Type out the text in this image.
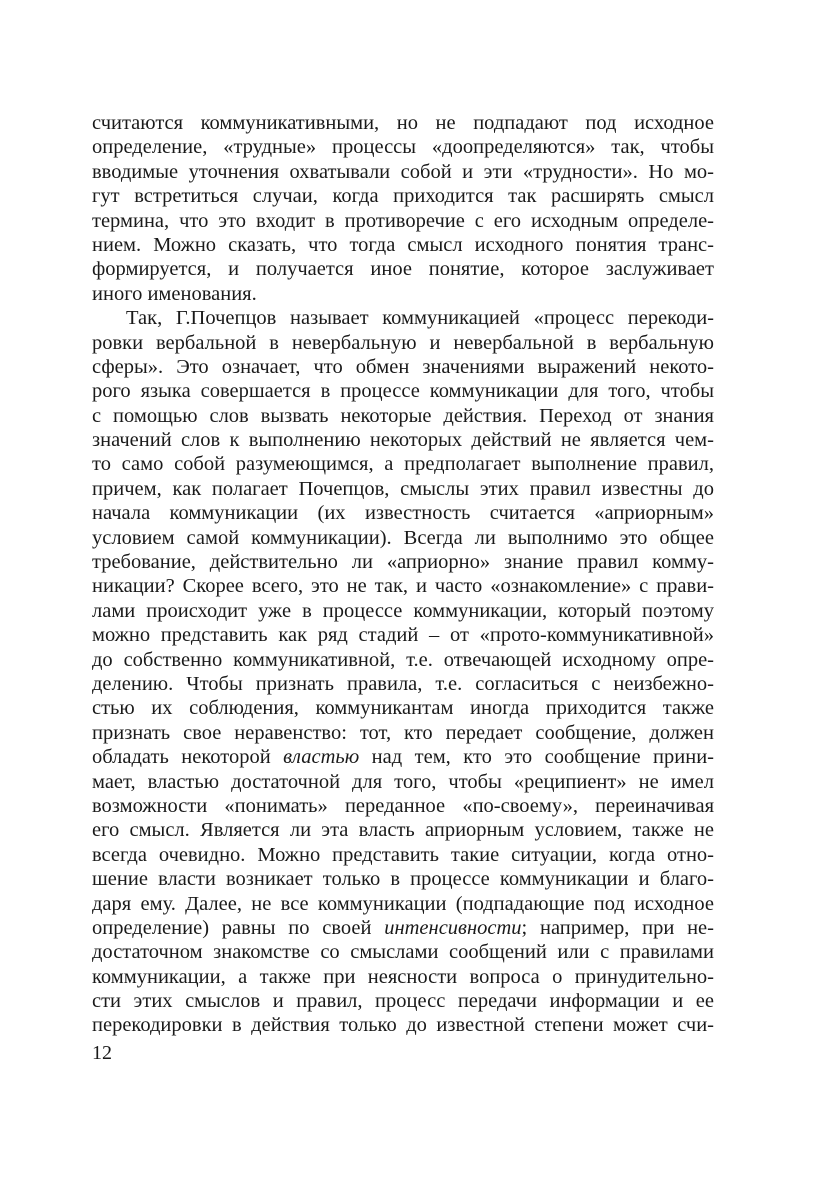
считаются коммуникативными, но не подпадают под исходное
определение, «трудные» процессы «доопределяются» так, чтобы
вводимые уточнения охватывали собой и эти «трудности». Но мо-
гут встретиться случаи, когда приходится так расширять смысл
термина, что это входит в противоречие с его исходным определе-
нием. Можно сказать, что тогда смысл исходного понятия транс-
формируется, и получается иное понятие, которое заслуживает
иного именования.
Так, Г.Почепцов называет коммуникацией «процесс перекоди-
ровки вербальной в невербальную и невербальной в вербальную
сферы». Это означает, что обмен значениями выражений некото-
рого языка совершается в процессе коммуникации для того, чтобы
с помощью слов вызвать некоторые действия. Переход от знания
значений слов к выполнению некоторых действий не является чем-
то само собой разумеющимся, а предполагает выполнение правил,
причем, как полагает Почепцов, смыслы этих правил известны до
начала коммуникации (их известность считается «априорным»
условием самой коммуникации). Всегда ли выполнимо это общее
требование, действительно ли «априорно» знание правил комму-
никации? Скорее всего, это не так, и часто «ознакомление» с прави-
лами происходит уже в процессе коммуникации, который поэтому
можно представить как ряд стадий – от «прото-коммуникативной»
до собственно коммуникативной, т.е. отвечающей исходному опре-
делению. Чтобы признать правила, т.е. согласиться с неизбежно-
стью их соблюдения, коммуникантам иногда приходится также
признать свое неравенство: тот, кто передает сообщение, должен
обладать некоторой властью над тем, кто это сообщение прини-
мает, властью достаточной для того, чтобы «реципиент» не имел
возможности «понимать» переданное «по-своему», переиначивая
его смысл. Является ли эта власть априорным условием, также не
всегда очевидно. Можно представить такие ситуации, когда отно-
шение власти возникает только в процессе коммуникации и благо-
даря ему. Далее, не все коммуникации (подпадающие под исходное
определение) равны по своей интенсивности; например, при не-
достаточном знакомстве со смыслами сообщений или с правилами
коммуникации, а также при неясности вопроса о принудительно-
сти этих смыслов и правил, процесс передачи информации и ее
перекодировки в действия только до известной степени может счи-
12
